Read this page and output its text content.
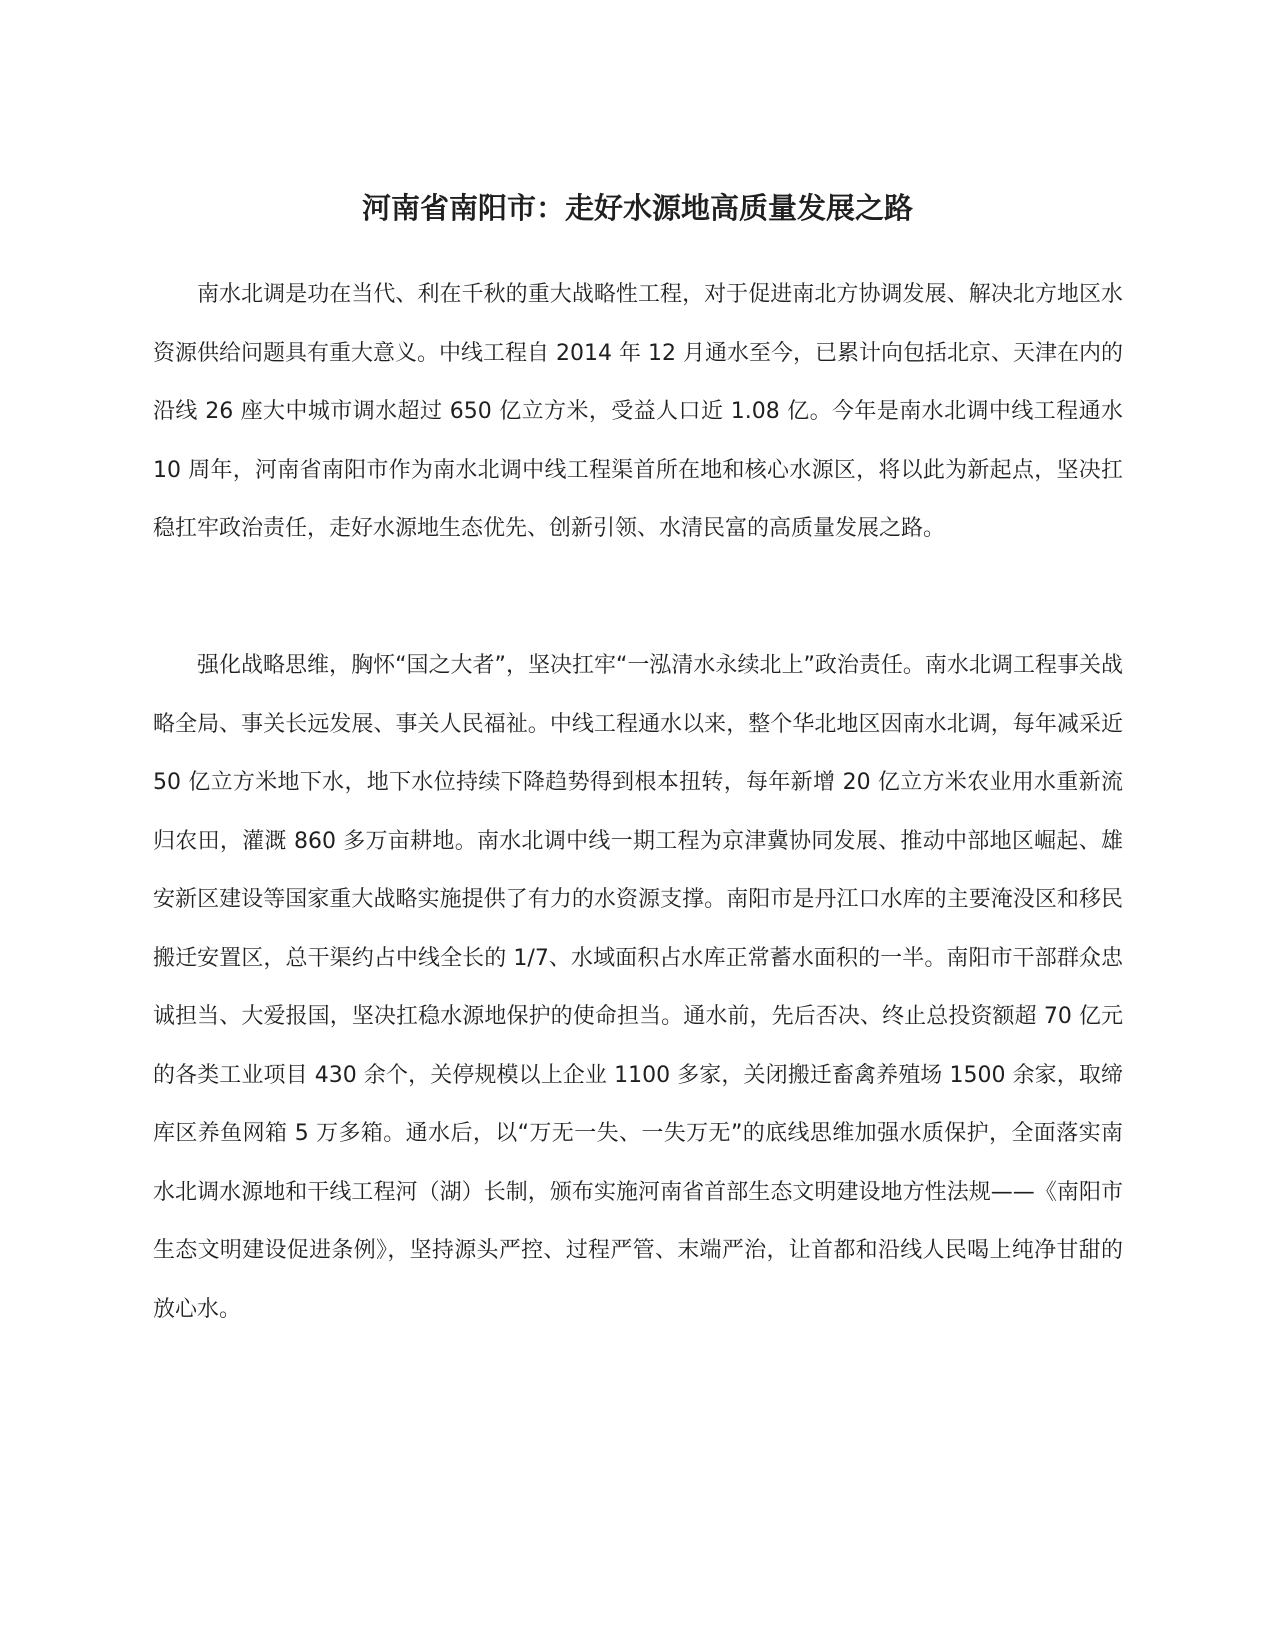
河南省南阳市：走好水源地高质量发展之路

南水北调是功在当代、利在千秋的重大战略性工程，对于促进南北方协调发展、解决北方地区水资源供给问题具有重大意义。中线工程自 2014 年 12 月通水至今，已累计向包括北京、天津在内的沿线 26 座大中城市调水超过 650 亿立方米，受益人口近 1.08 亿。今年是南水北调中线工程通水 10 周年，河南省南阳市作为南水北调中线工程渠首所在地和核心水源区，将以此为新起点，坚决扛稳扛牢政治责任，走好水源地生态优先、创新引领、水清民富的高质量发展之路。

强化战略思维，胸怀“国之大者”，坚决扛牢“一泓清水永续北上”政治责任。南水北调工程事关战略全局、事关长远发展、事关人民福祉。中线工程通水以来，整个华北地区因南水北调，每年减采近 50 亿立方米地下水，地下水位持续下降趋势得到根本扭转，每年新增 20 亿立方米农业用水重新流归农田，灌溉 860 多万亩耕地。南水北调中线一期工程为京津冀协同发展、推动中部地区崛起、雄安新区建设等国家重大战略实施提供了有力的水资源支撑。南阳市是丹江口水库的主要淹没区和移民搬迁安置区，总干渠约占中线全长的 1/7、水域面积占水库正常蓄水面积的一半。南阳市干部群众忠诚担当、大爱报国，坚决扛稳水源地保护的使命担当。通水前，先后否决、终止总投资额超 70 亿元的各类工业项目 430 余个，关停规模以上企业 1100 多家，关闭搬迁畜禽养殖场 1500 余家，取缔库区养鱼网箱 5 万多箱。通水后，以“万无一失、一失万无”的底线思维加强水质保护，全面落实南水北调水源地和干线工程河（湖）长制，颁布实施河南省首部生态文明建设地方性法规——《南阳市生态文明建设促进条例》，坚持源头严控、过程严管、末端严治，让首都和沿线人民喝上纯净甘甜的放心水。
